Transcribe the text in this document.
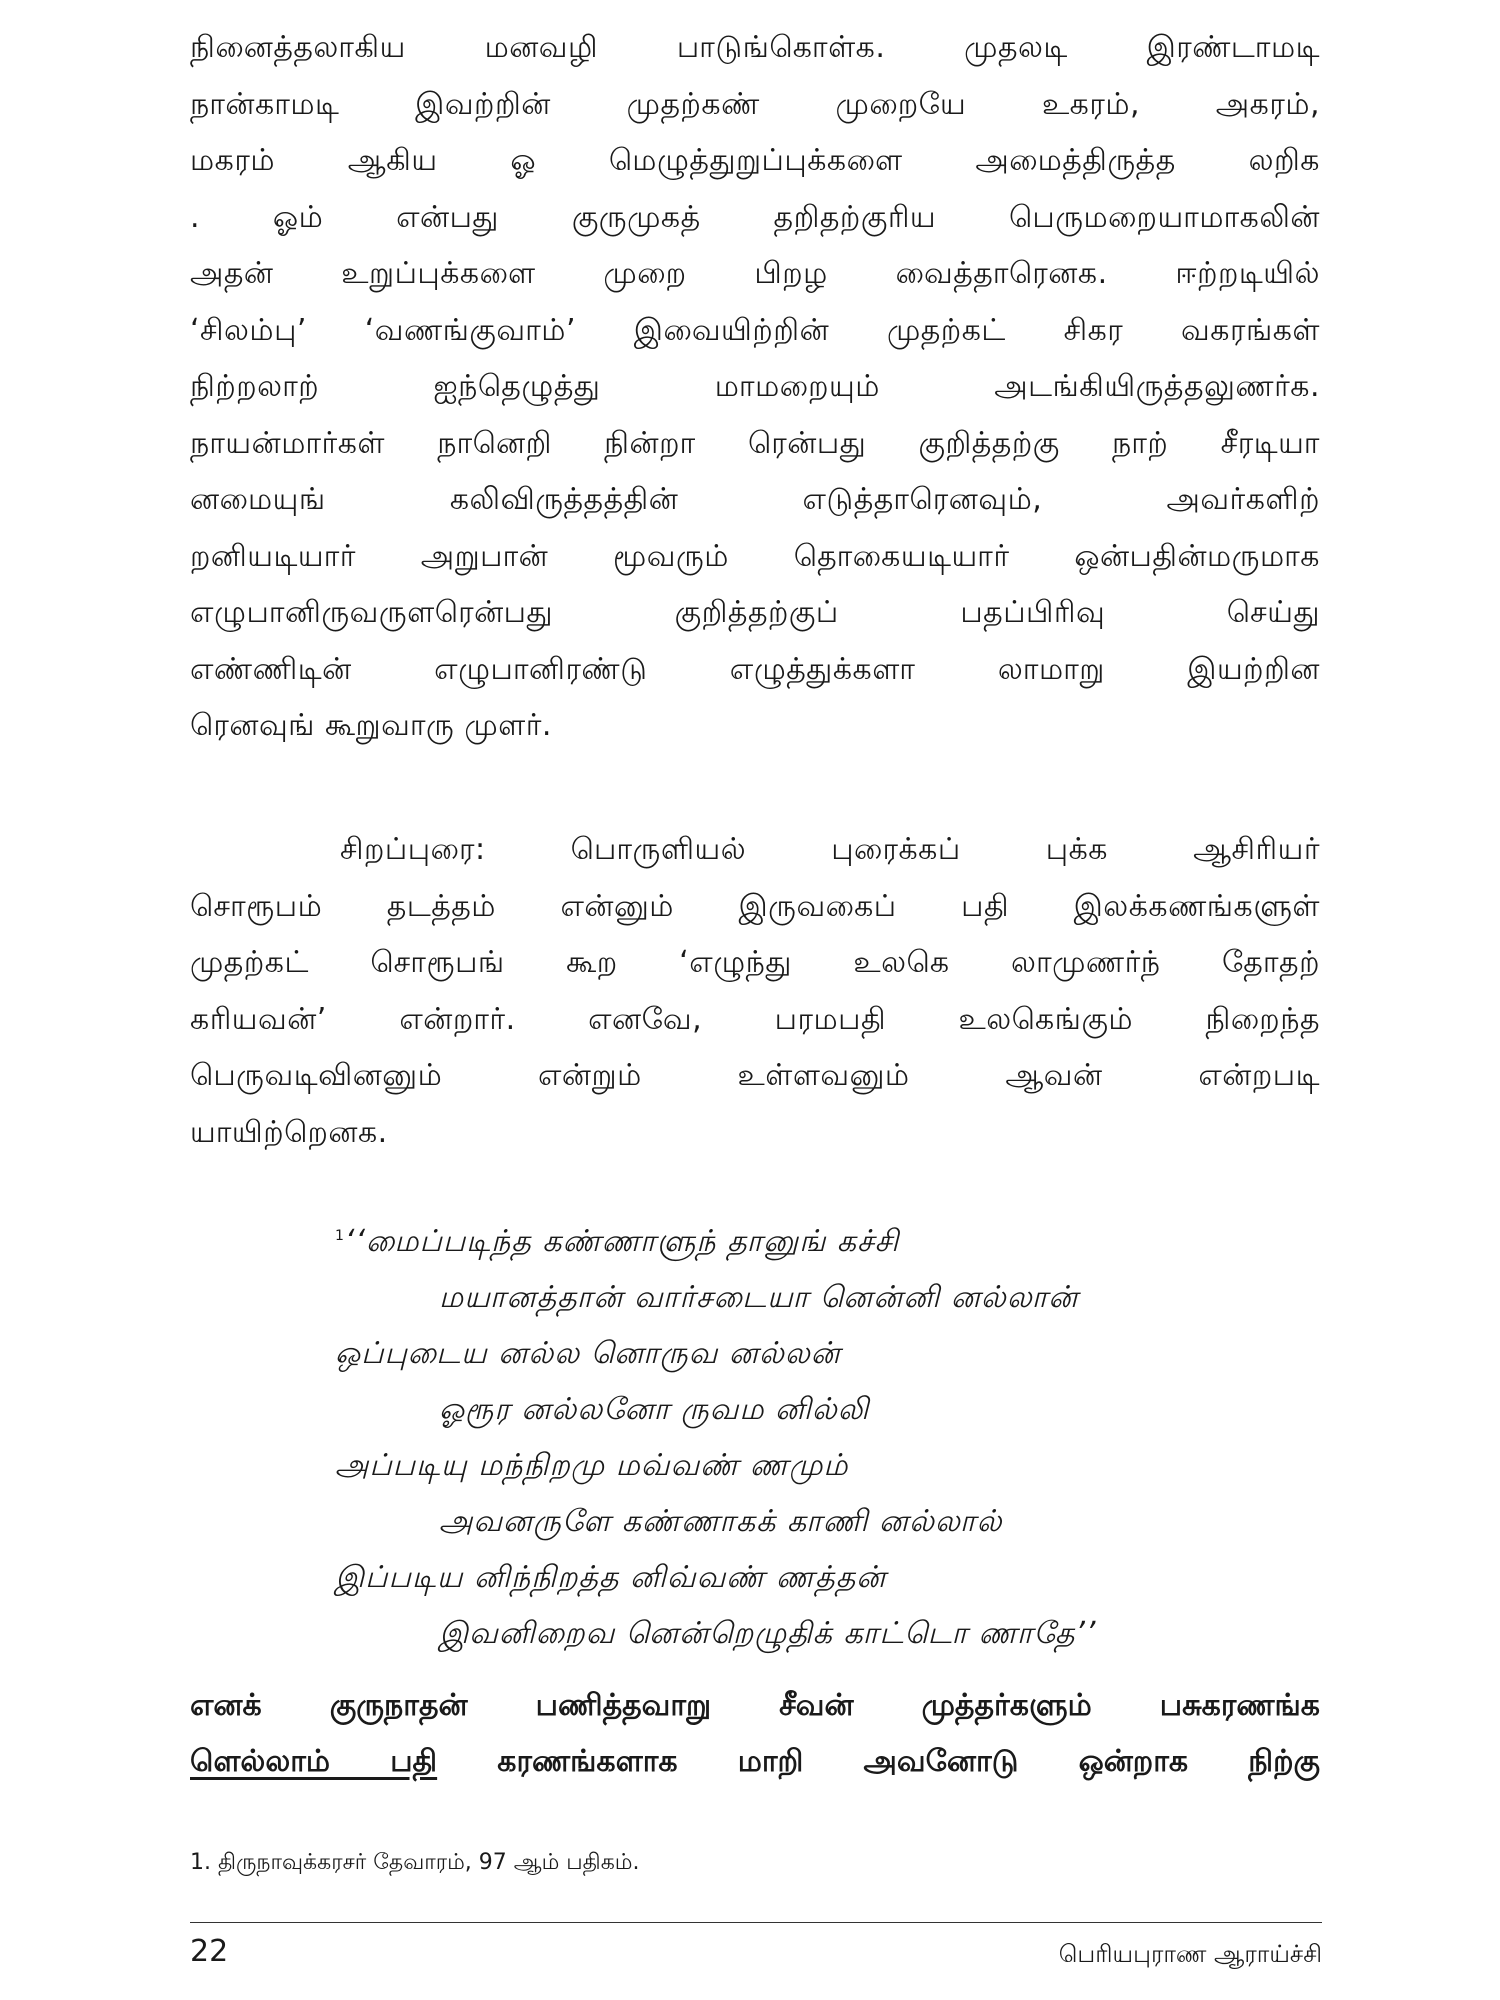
நினைத்தலாகிய மனவழி பாடுங்கொள்க. முதலடி இரண்டாமடி
நான்காமடி இவற்றின் முதற்கண் முறையே உகரம், அகரம்,
மகரம் ஆகிய ஓ மெழுத்துறுப்புக்களை அமைத்திருத்த லறிக
. ஓம் என்பது குருமுகத் தறிதற்குரிய பெருமறையாமாகலின்
அதன் உறுப்புக்களை முறை பிறழ வைத்தாரெனக. ஈற்றடியில்
‘சிலம்பு’ ‘வணங்குவாம்’ இவையிற்றின் முதற்கட் சிகர வகரங்கள்
நிற்றலாற் ஐந்தெழுத்து மாமறையும் அடங்கியிருத்தலுணர்க.
நாயன்மார்கள் நானெறி நின்றா ரென்பது குறித்தற்கு நாற் சீரடியா
னமையுங் கலிவிருத்தத்தின் எடுத்தாரெனவும், அவர்களிற்
றனியடியார் அறுபான் மூவரும் தொகையடியார் ஒன்பதின்மருமாக
எழுபானிருவருளரென்பது குறித்தற்குப் பதப்பிரிவு செய்து
எண்ணிடின் எழுபானிரண்டு எழுத்துக்களா லாமாறு இயற்றின
ரெனவுங் கூறுவாரு முளர்.
சிறப்புரை: பொருளியல் புரைக்கப் புக்க ஆசிரியர்
சொரூபம் தடத்தம் என்னும் இருவகைப் பதி இலக்கணங்களுள்
முதற்கட் சொரூபங் கூற ‘எழுந்து உலகெ லாமுணர்ந் தோதற்
கரியவன்’ என்றார். எனவே, பரமபதி உலகெங்கும் நிறைந்த
பெருவடிவினனும் என்றும் உள்ளவனும் ஆவன் என்றபடி
யாயிற்றெனக.
$^1$‘‘மைப்படிந்த கண்ணாளுந் தானுங் கச்சி
மயானத்தான் வார்சடையா னென்னி னல்லான்
ஒப்புடைய னல்ல னொருவ னல்லன்
ஓரூர னல்லனோ ருவம னில்லி
அப்படியு மந்நிறமு மவ்வண் ணமும்
அவனருளே கண்ணாகக் காணி னல்லால்
இப்படிய னிந்நிறத்த னிவ்வண் ணத்தன்
இவனிறைவ னென்றெழுதிக் காட்டொ ணாதே’’
எனக் குருநாதன் பணித்தவாறு சீவன் முத்தர்களும் பசுகரணங்க
ளெல்லாம் பதி கரணங்களாக மாறி அவனோடு ஒன்றாக நிற்கு
1. திருநாவுக்கரசர் தேவாரம், 97 ஆம் பதிகம்.
22	பெரியபுராண ஆராய்ச்சி
